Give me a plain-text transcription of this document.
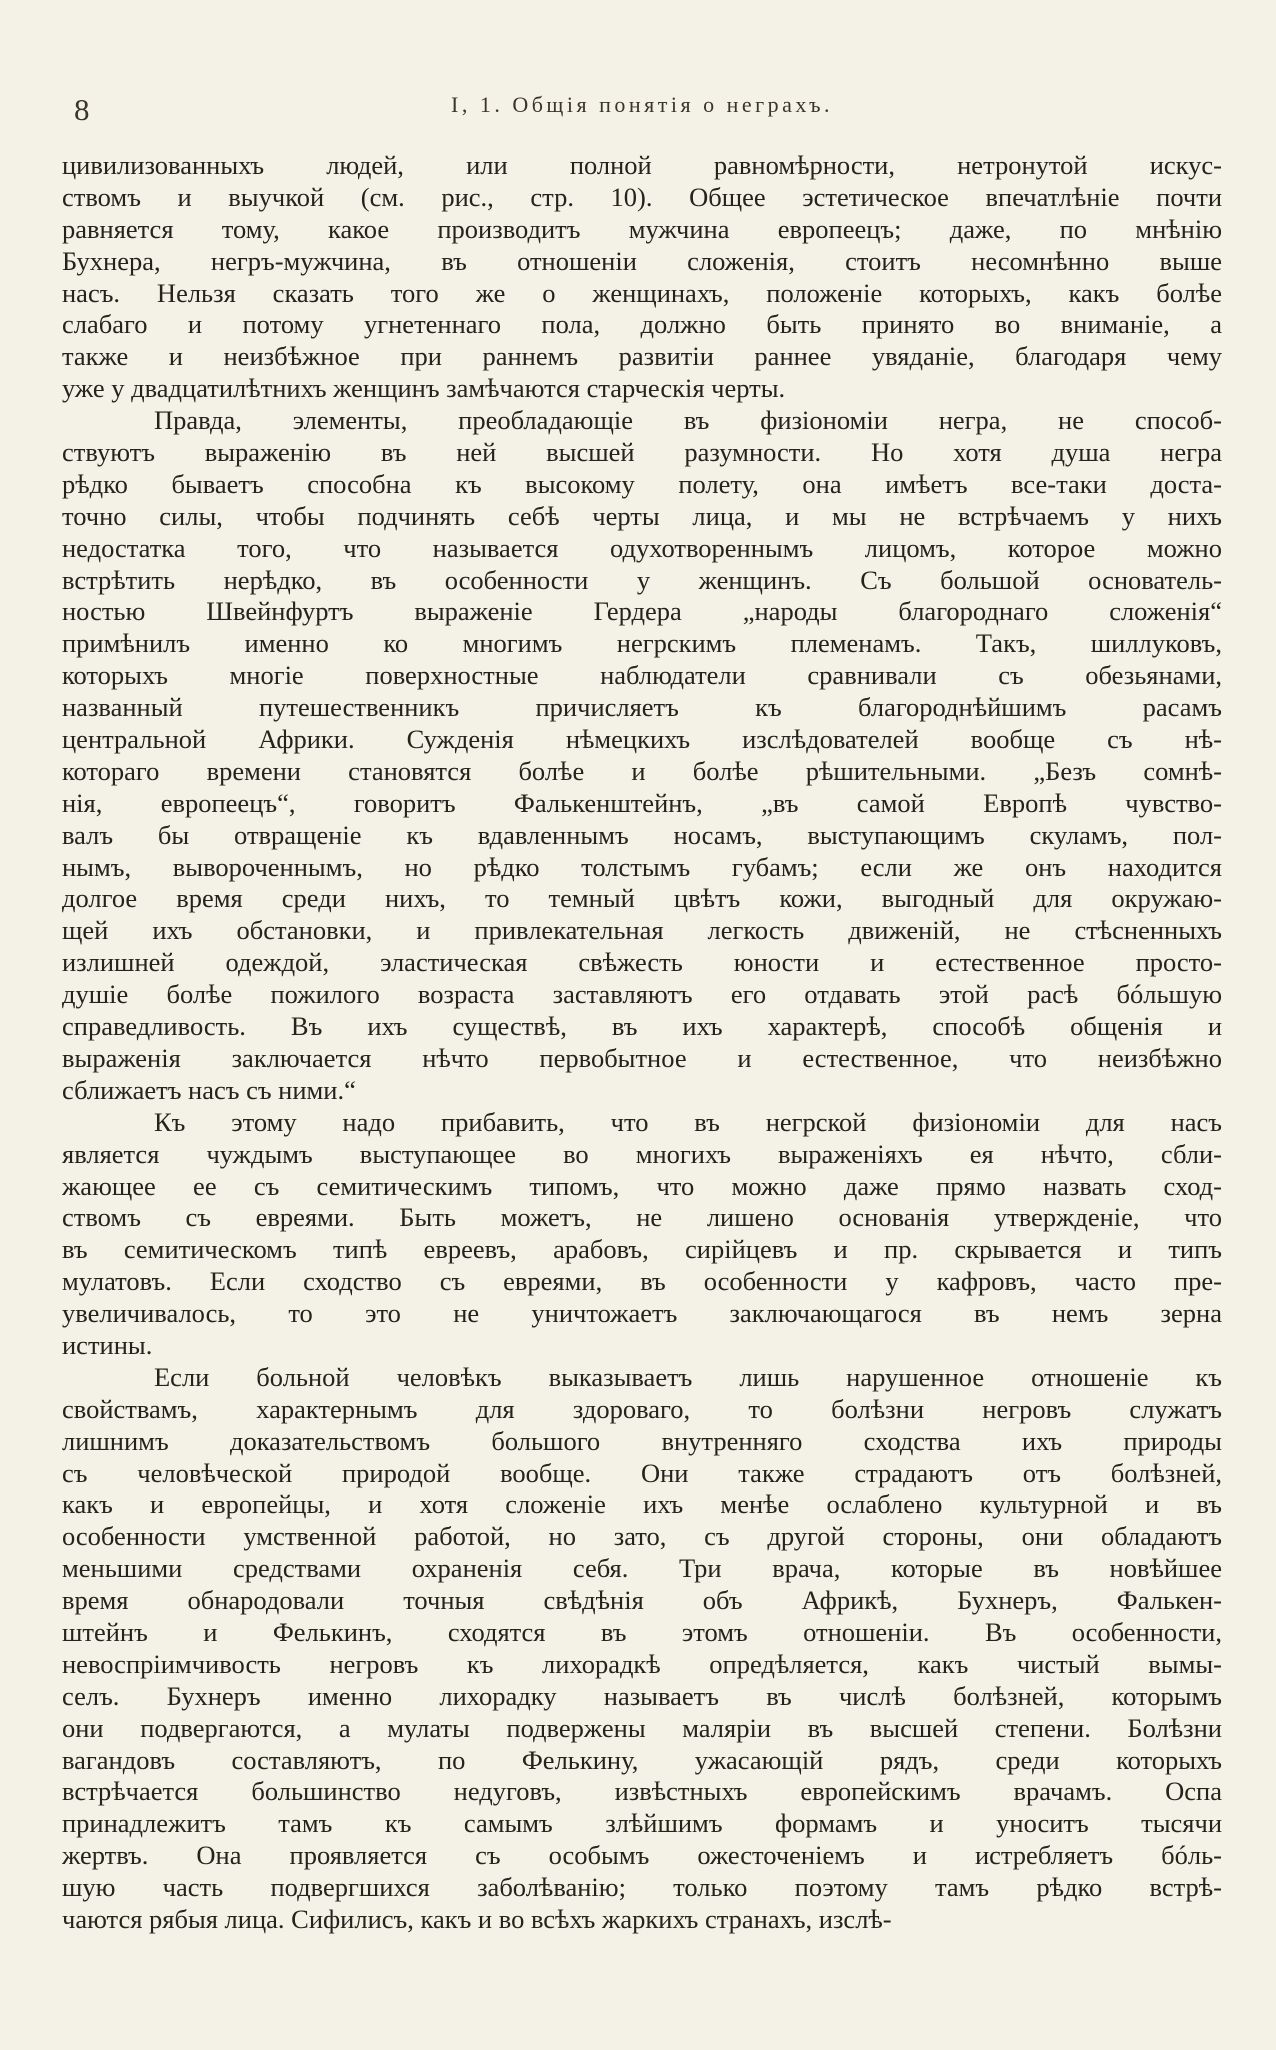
8	I, 1. Общія понятія о неграхъ.
цивилизованныхъ людей, или полной равномѣрности, нетронутой искус-
ствомъ и выучкой (см. рис., стр. 10). Общее эстетическое впечатлѣніе почти
равняется тому, какое производитъ мужчина европеецъ; даже, по мнѣнію
Бухнера, негръ-мужчина, въ отношеніи сложенія, стоитъ несомнѣнно выше
насъ. Нельзя сказать того же о женщинахъ, положеніе которыхъ, какъ болѣе
слабаго и потому угнетеннаго пола, должно быть принято во вниманіе, а
также и неизбѣжное при раннемъ развитіи раннее увяданіе, благодаря чему
уже у двадцатилѣтнихъ женщинъ замѣчаются старческія черты.
Правда, элементы, преобладающіе въ физіономіи негра, не способ-
ствуютъ выраженію въ ней высшей разумности. Но хотя душа негра
рѣдко бываетъ способна къ высокому полету, она имѣетъ все-таки доста-
точно силы, чтобы подчинять себѣ черты лица, и мы не встрѣчаемъ у нихъ
недостатка того, что называется одухотвореннымъ лицомъ, которое можно
встрѣтить нерѣдко, въ особенности у женщинъ. Съ большой основатель-
ностью Швейнфуртъ выраженіе Гердера „народы благороднаго сложенія“
примѣнилъ именно ко многимъ негрскимъ племенамъ. Такъ, шиллуковъ,
которыхъ многіе поверхностные наблюдатели сравнивали съ обезьянами,
названный путешественникъ причисляетъ къ благороднѣйшимъ расамъ
центральной Африки. Сужденія нѣмецкихъ изслѣдователей вообще съ нѣ-
котораго времени становятся болѣе и болѣе рѣшительными. „Безъ сомнѣ-
нія, европеецъ“, говоритъ Фалькенштейнъ, „въ самой Европѣ чувство-
валъ бы отвращеніе къ вдавленнымъ носамъ, выступающимъ скуламъ, пол-
нымъ, вывороченнымъ, но рѣдко толстымъ губамъ; если же онъ находится
долгое время среди нихъ, то темный цвѣтъ кожи, выгодный для окружаю-
щей ихъ обстановки, и привлекательная легкость движеній, не стѣсненныхъ
излишней одеждой, эластическая свѣжесть юности и естественное просто-
душіе болѣе пожилого возраста заставляютъ его отдавать этой расѣ бóльшую
справедливость. Въ ихъ существѣ, въ ихъ характерѣ, способѣ общенія и
выраженія заключается нѣчто первобытное и естественное, что неизбѣжно
сближаетъ насъ съ ними.“
Къ этому надо прибавить, что въ негрской физіономіи для насъ
является чуждымъ выступающее во многихъ выраженіяхъ ея нѣчто, сбли-
жающее ее съ семитическимъ типомъ, что можно даже прямо назвать сход-
ствомъ съ евреями. Быть можетъ, не лишено основанія утвержденіе, что
въ семитическомъ типѣ евреевъ, арабовъ, сирійцевъ и пр. скрывается и типъ
мулатовъ. Если сходство съ евреями, въ особенности у кафровъ, часто пре-
увеличивалось, то это не уничтожаетъ заключающагося въ немъ зерна
истины.
Если больной человѣкъ выказываетъ лишь нарушенное отношеніе къ
свойствамъ, характернымъ для здороваго, то болѣзни негровъ служатъ
лишнимъ доказательствомъ большого внутренняго сходства ихъ природы
съ человѣческой природой вообще. Они также страдаютъ отъ болѣзней,
какъ и европейцы, и хотя сложеніе ихъ менѣе ослаблено культурной и въ
особенности умственной работой, но зато, съ другой стороны, они обладаютъ
меньшими средствами охраненія себя. Три врача, которые въ новѣйшее
время обнародовали точныя свѣдѣнія объ Африкѣ, Бухнеръ, Фалькен-
штейнъ и Фелькинъ, сходятся въ этомъ отношеніи. Въ особенности,
невоспріимчивость негровъ къ лихорадкѣ опредѣляется, какъ чистый вымы-
селъ. Бухнеръ именно лихорадку называетъ въ числѣ болѣзней, которымъ
они подвергаются, а мулаты подвержены маляріи въ высшей степени. Болѣзни
вагандовъ составляютъ, по Фелькину, ужасающій рядъ, среди которыхъ
встрѣчается большинство недуговъ, извѣстныхъ европейскимъ врачамъ. Оспа
принадлежитъ тамъ къ самымъ злѣйшимъ формамъ и уноситъ тысячи
жертвъ. Она проявляется съ особымъ ожесточеніемъ и истребляетъ бóль-
шую часть подвергшихся заболѣванію; только поэтому тамъ рѣдко встрѣ-
чаются рябыя лица. Сифилисъ, какъ и во всѣхъ жаркихъ странахъ, изслѣ-
